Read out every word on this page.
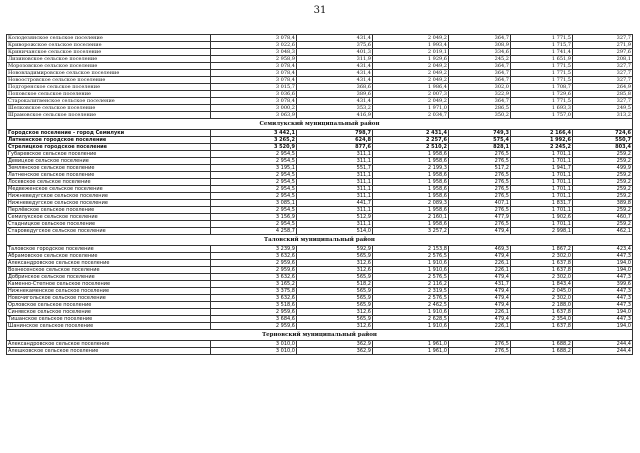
31
Колодезянское сельское поселение	3 078,4	431,4	2 049,2	364,7	1 771,5	327,7
Криворожское сельское поселение	3 022,6	375,6	1 993,4	308,9	1 715,7	271,9
Криничанское сельское поселение	3 048,3	401,3	2 019,1	334,6	1 741,4	297,6
Лизиновское сельское поселение	2 958,9	311,9	1 929,6	245,2	1 651,9	208,1
Морозовское сельское поселение	3 078,4	431,4	2 049,2	364,7	1 771,5	327,7
Нововладимировское сельское поселение	3 078,4	431,4	2 049,2	364,7	1 771,5	327,7
Новоостровское сельское поселение	3 078,4	431,4	2 049,2	364,7	1 771,5	327,7
Подгоренское сельское поселение	3 015,7	368,6	1 986,4	302,0	1 708,7	264,9
Поповское сельское поселение	3 036,6	389,6	2 007,3	322,9	1 729,6	285,8
Старокалитвенское сельское поселение	3 078,4	431,4	2 049,2	364,7	1 771,5	327,7
Шелковское сельское поселение	3 000,2	353,2	1 971,0	286,5	1 693,3	249,5
Шрамовское сельское поселение	3 063,9	416,9	2 034,7	350,2	1 757,0	313,2
Семилукский муниципальный район						
Городское поселение - город Семилуки	3 442,1	798,7	2 431,4	749,3	2 166,4	724,6
Латненское городское поселение	3 265,2	624,8	2 257,6	575,4	1 992,6	550,7
Стрелицкое городское поселение	3 520,9	877,6	2 510,2	828,1	2 245,2	803,4
Губаревское сельское поселение	2 954,5	311,1	1 958,6	276,5	1 701,1	259,2
Девицкое сельское поселение	2 954,5	311,1	1 958,6	276,5	1 701,1	259,2
Землянское сельское поселение	3 195,1	551,7	2 199,3	517,2	1 941,7	499,9
Латненское сельское поселение	2 954,5	311,1	1 958,6	276,5	1 701,1	259,2
Лосевское сельское поселение	2 954,5	311,1	1 958,6	276,5	1 701,1	259,2
Медвеженское сельское поселение	2 954,5	311,1	1 958,6	276,5	1 701,1	259,2
Нижневедугское сельское поселение	2 954,5	311,1	1 958,6	276,5	1 701,1	259,2
Нижневедугское сельское поселение	3 085,1	441,7	2 089,3	407,1	1 831,7	389,8
Перлёвское сельское поселение	2 954,5	311,1	1 958,6	276,5	1 701,1	259,2
Семилукское сельское поселение	3 156,9	512,9	2 160,1	477,9	1 902,6	460,7
Стадницкое сельское поселение	2 954,5	311,1	1 958,6	276,5	1 701,1	259,2
Староведугское сельское поселение	4 258,7	514,0	3 257,2	479,4	2 998,1	462,1
Таловский муниципальный район						
Таловское городское поселение	3 239,9	592,9	2 153,8	469,3	1 867,2	423,4
Абрамовское сельское поселение	3 632,6	565,9	2 576,5	479,4	2 302,0	447,3
Александровское сельское поселение	2 959,6	312,6	1 910,6	226,1	1 637,8	194,0
Вознесенское сельское поселение	2 959,6	312,6	1 910,6	226,1	1 637,8	194,0
Добринское сельское поселение	3 632,6	565,9	2 576,5	479,4	2 302,0	447,3
Каменно-Степное сельское поселение	3 165,2	518,2	2 116,2	431,7	1 843,4	399,6
Нижнекаменское сельское поселение	3 375,8	565,9	2 319,5	479,4	2 045,0	447,3
Новочигольское сельское поселение	3 632,6	565,9	2 576,5	479,4	2 302,0	447,3
Орловское сельское поселение	3 518,6	565,9	2 462,5	479,4	2 188,0	447,3
Синявское сельское поселение	2 959,6	312,6	1 910,6	226,1	1 637,8	194,0
Тишанское сельское поселение	3 684,6	565,9	2 628,5	479,4	2 354,0	447,3
Шанинское сельское поселение	2 959,6	312,6	1 910,6	226,1	1 637,8	194,0
Терновский муниципальный район						
Александровское сельское поселение	3 010,0	362,9	1 961,0	276,5	1 688,2	244,4
Алешковское сельское поселение	3 010,0	362,9	1 961,0	276,5	1 688,2	244,4
